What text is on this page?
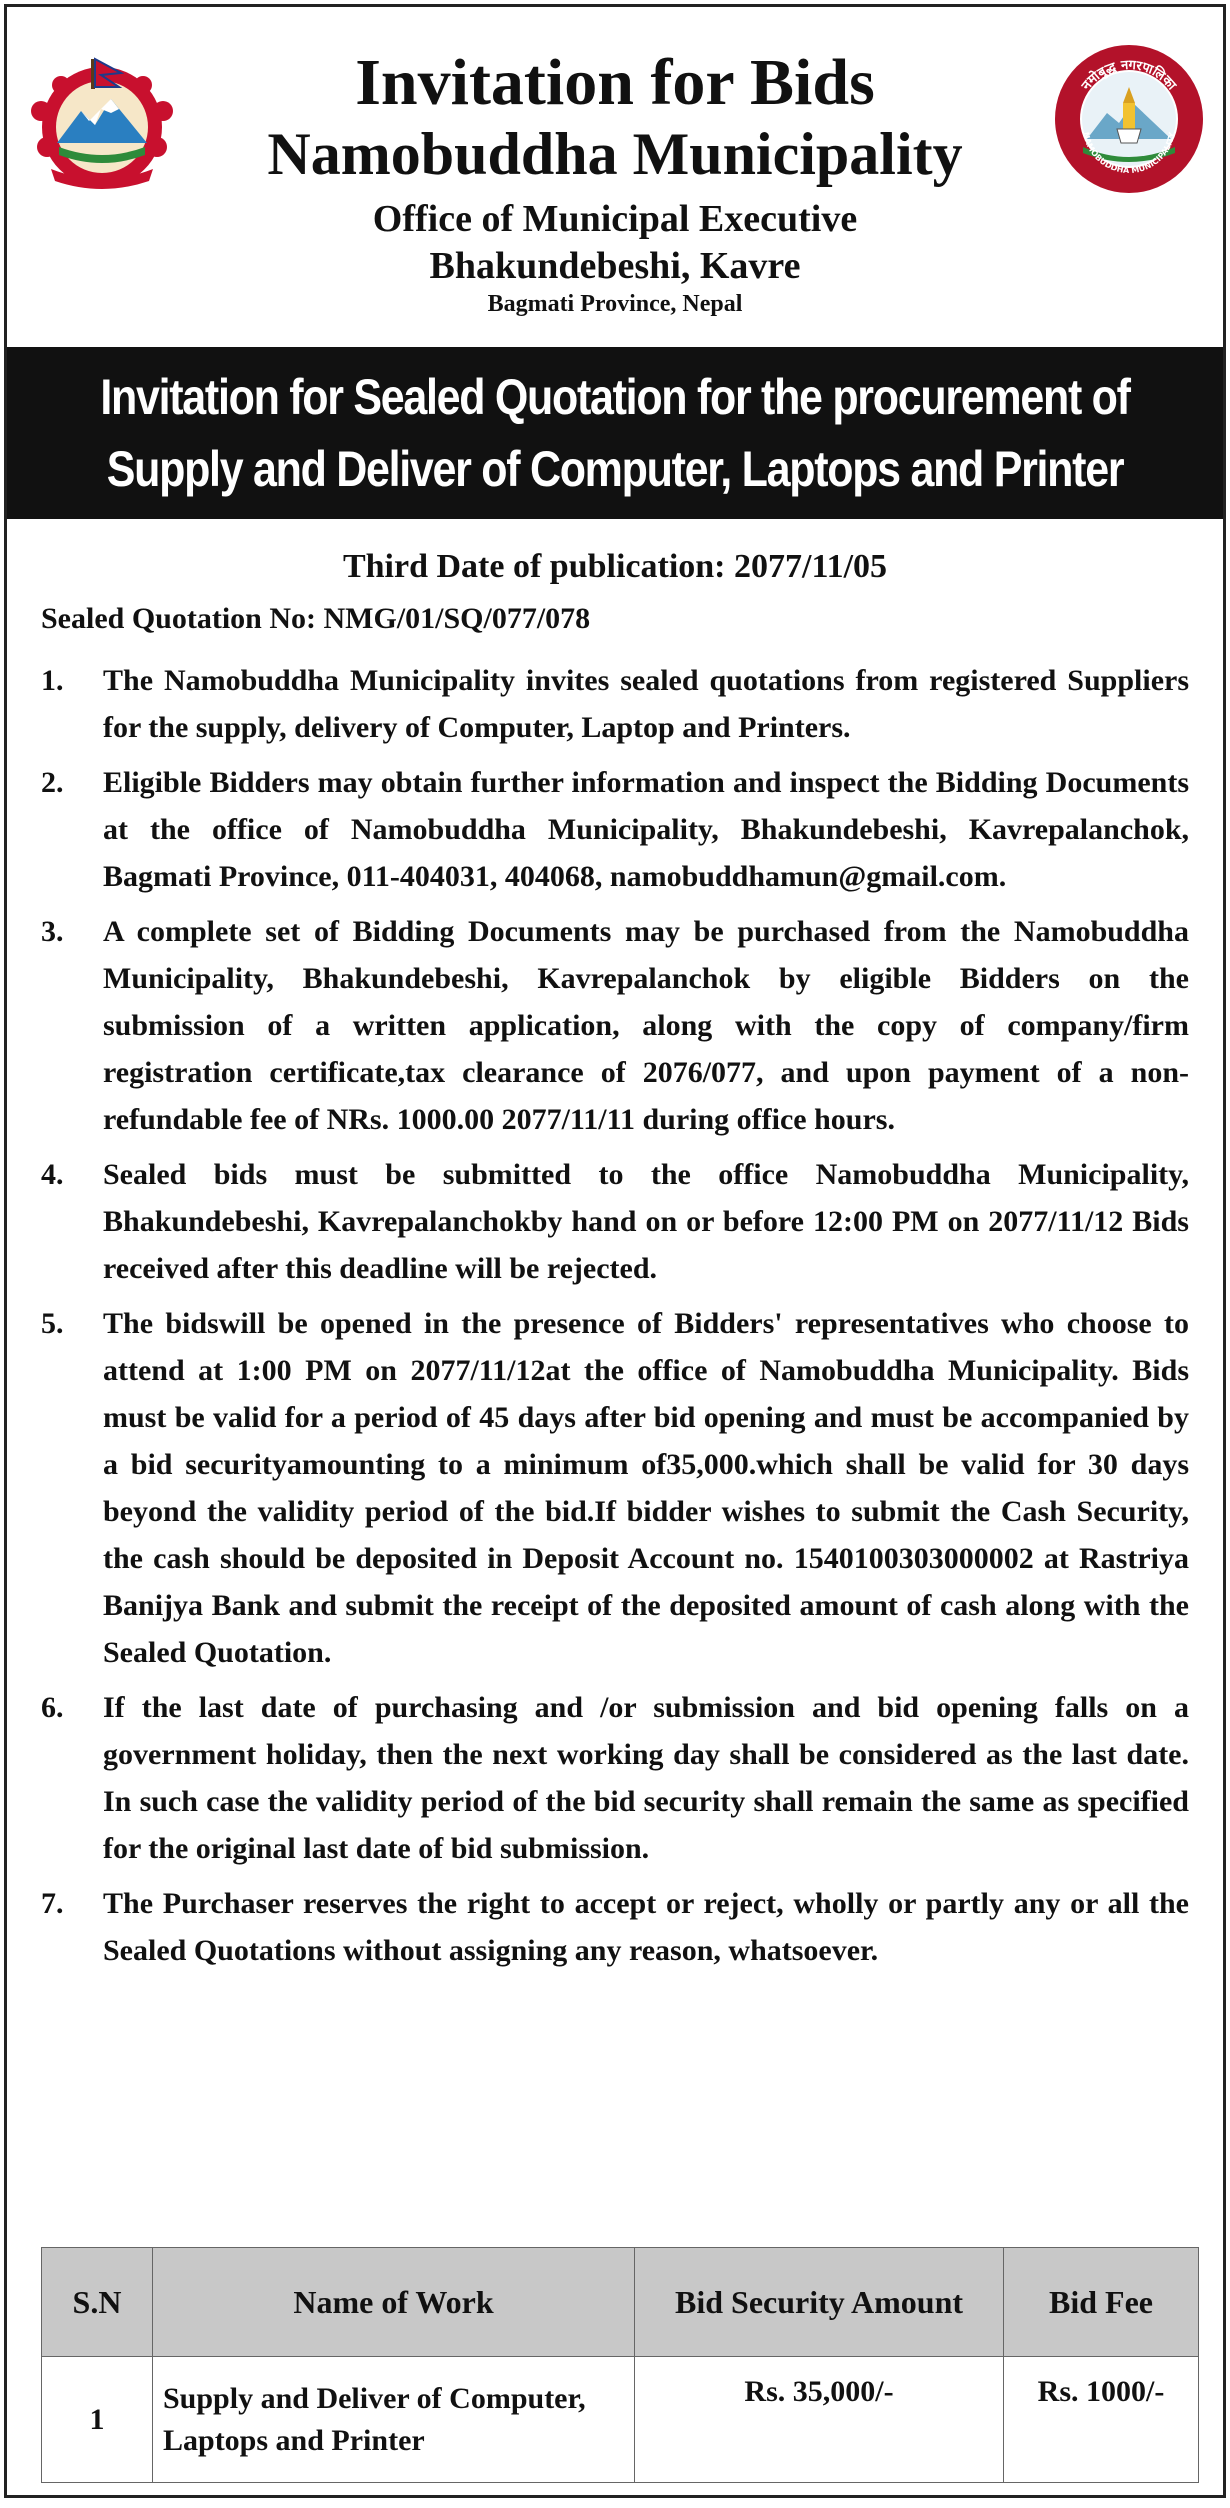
नमोबुद्ध नगरपालिका
NAMOBUDDHA MUNICIPALITY
Invitation for Bids
Namobuddha Municipality
Office of Municipal Executive
Bhakundebeshi, Kavre
Bagmati Province, Nepal
Invitation for Sealed Quotation for the procurement of
Supply and Deliver of Computer, Laptops and Printer
Third Date of publication: 2077/11/05
Sealed Quotation No: NMG/01/SQ/077/078
1.	The Namobuddha Municipality invites sealed quotations from registered Suppliers for the supply, delivery of Computer, Laptop and Printers.
2.	Eligible Bidders may obtain further information and inspect the Bidding Documents at the office of Namobuddha Municipality, Bhakundebeshi, Kavrepalanchok, Bagmati Province, 011-404031, 404068, namobuddhamun@gmail.com.
3.	A complete set of Bidding Documents may be purchased from the Namobuddha Municipality, Bhakundebeshi, Kavrepalanchok by eligible Bidders on the submission of a written application, along with the copy of company/firm registration certificate,tax clearance of 2076/077, and upon payment of a non-refundable fee of NRs. 1000.00 2077/11/11 during office hours.
4.	Sealed bids must be submitted to the office Namobuddha Municipality, Bhakundebeshi, Kavrepalanchokby hand on or before 12:00 PM on 2077/11/12 Bids received after this deadline will be rejected.
5.	The bidswill be opened in the presence of Bidders' representatives who choose to attend at 1:00 PM on 2077/11/12at the office of Namobuddha Municipality. Bids must be valid for a period of 45 days after bid opening and must be accompanied by a bid securityamounting to a minimum of35,000.which shall be valid for 30 days beyond the validity period of the bid.If bidder wishes to submit the Cash Security, the cash should be deposited in Deposit Account no. 1540100303000002 at Rastriya Banijya Bank and submit the receipt of the deposited amount of cash along with the Sealed Quotation.
6.	If the last date of purchasing and /or submission and bid opening falls on a government holiday, then the next working day shall be considered as the last date. In such case the validity period of the bid security shall remain the same as specified for the original last date of bid submission.
7.	The Purchaser reserves the right to accept or reject, wholly or partly any or all the Sealed Quotations without assigning any reason, whatsoever.
S.N	Name of Work	Bid Security Amount	Bid Fee
1	Supply and Deliver of Computer, Laptops and Printer	Rs. 35,000/-	Rs. 1000/-
